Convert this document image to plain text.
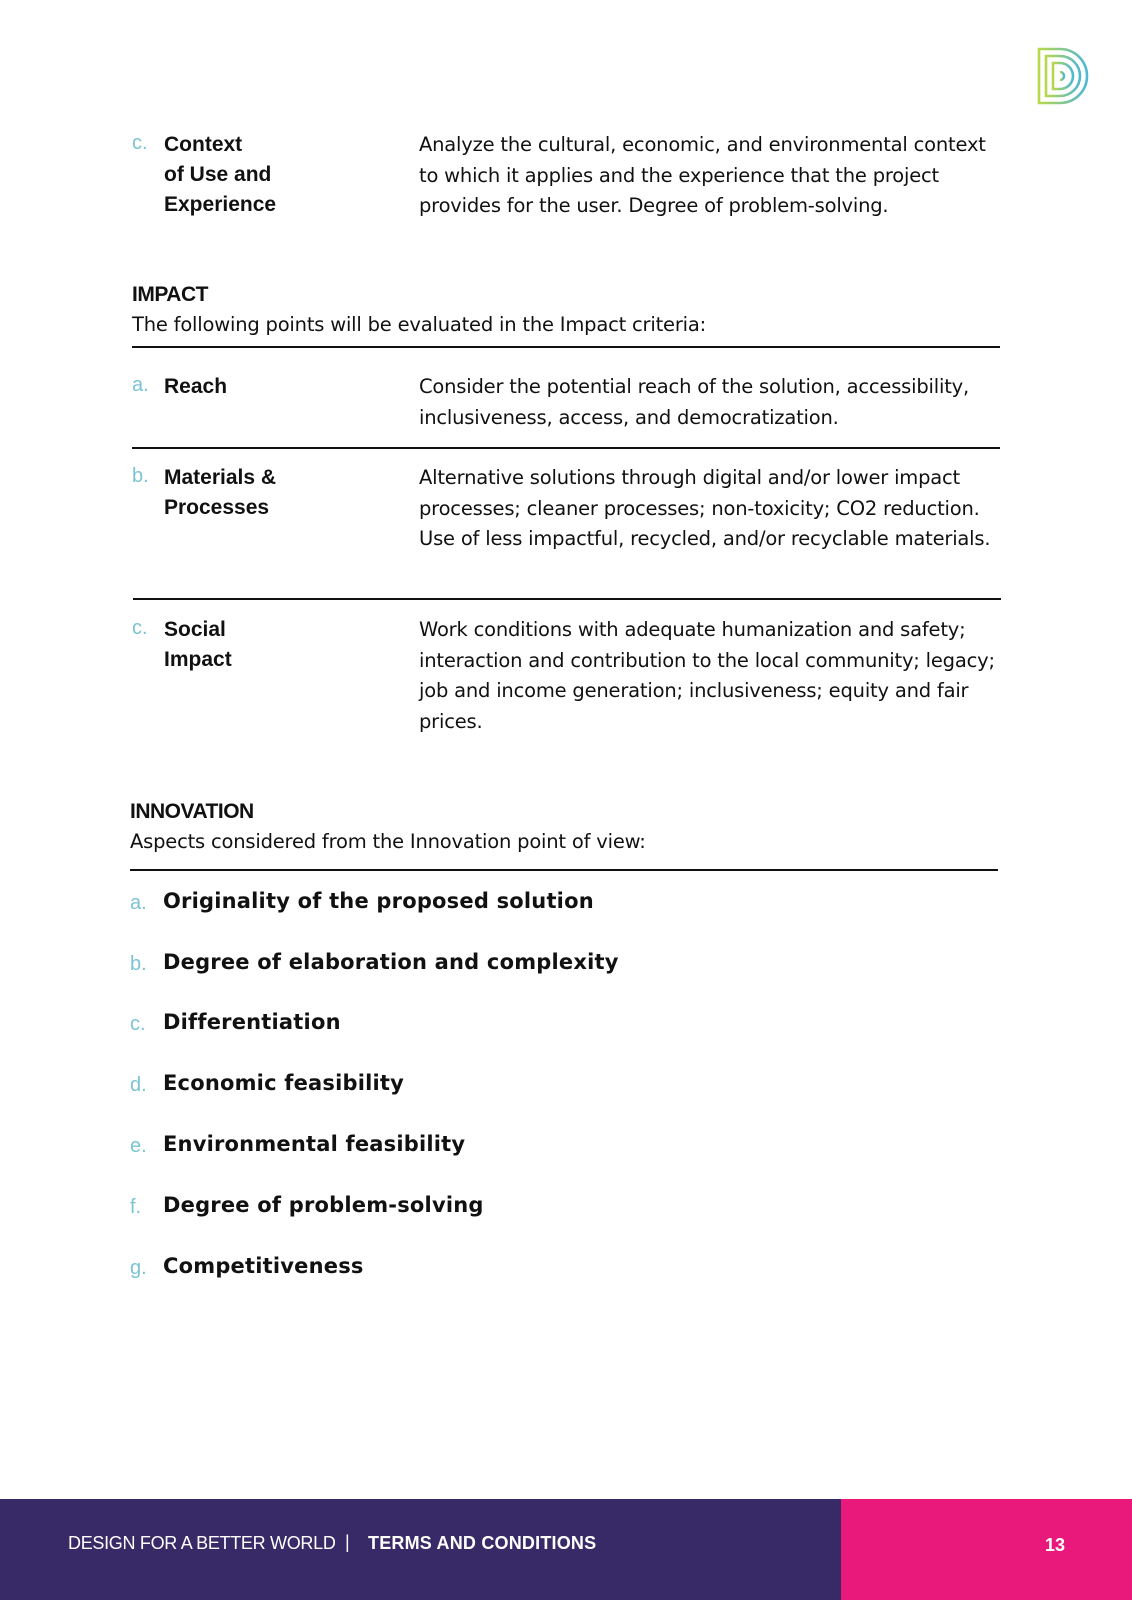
c. Context
of Use and
Experience
Analyze the cultural, economic, and environmental context to which it applies and the experience that the project provides for the user. Degree of problem-solving.
IMPACT
The following points will be evaluated in the Impact criteria:
a. Reach	Consider the potential reach of the solution, accessibility, inclusiveness, access, and democratization.
b. Materials &
Processes
Alternative solutions through digital and/or lower impact processes; cleaner processes; non-toxicity; CO2 reduction. Use of less impactful, recycled, and/or recyclable materials.
c. Social
Impact
Work conditions with adequate humanization and safety; interaction and contribution to the local community; legacy; job and income generation; inclusiveness; equity and fair prices.
INNOVATION
Aspects considered from the Innovation point of view:
a. Originality of the proposed solution
b. Degree of elaboration and complexity
c. Differentiation
d. Economic feasibility
e. Environmental feasibility
f. Degree of problem-solving
g. Competitiveness
DESIGN FOR A BETTER WORLD | TERMS AND CONDITIONS	13
